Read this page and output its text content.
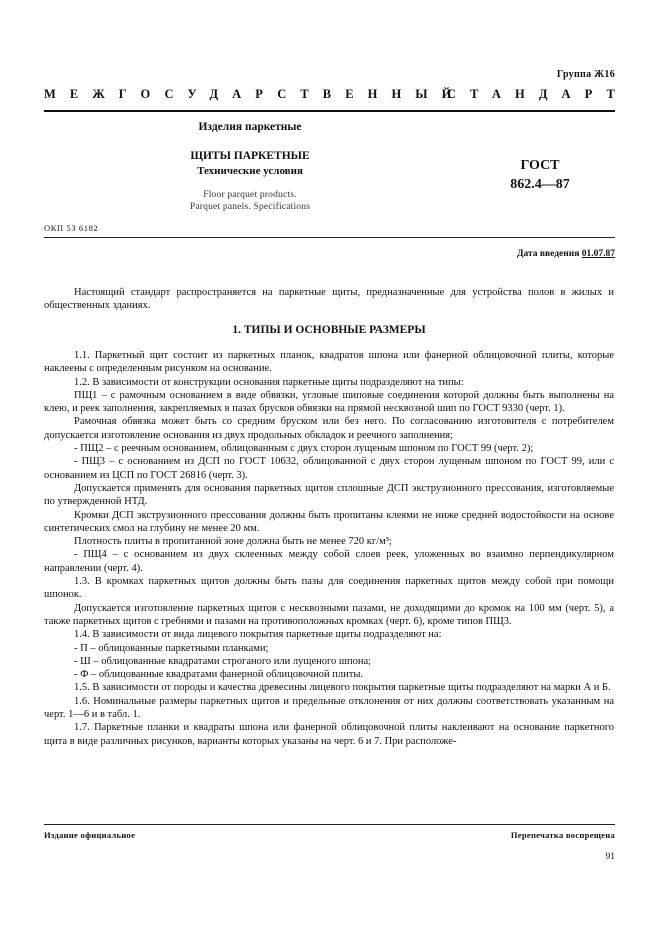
Группа Ж16
МЕЖГОСУДАРСТВЕННЫЙ
СТАНДАРТ
Изделия паркетные
ЩИТЫ ПАРКЕТНЫЕ
Технические условия
Floor parquet products.
Parquet panels. Specifications
ГОСТ
862.4—87
ОКП 53 6182
Дата введения 01.07.87

Настоящий стандарт распространяется на паркетные щиты, предназначенные для устройства полов в жилых и общественных зданиях.

1. ТИПЫ И ОСНОВНЫЕ РАЗМЕРЫ

1.1. Паркетный щит состоит из паркетных планок, квадратов шпона или фанерной облицовочной плиты, которые наклеены с определенным рисунком на основание.

1.2. В зависимости от конструкции основания паркетные щиты подразделяют на типы:

ПЩ1 – с рамочным основанием в виде обвязки, угловые шиповые соединения которой должны быть выполнены на клею, и реек заполнения, закрепляемых в пазах брусков обвязки на прямой несквозной шип по ГОСТ 9330 (черт. 1).

Рамочная обвязка может быть со средним бруском или без него. По согласованию изготовителя с потребителем допускается изготовление основания из двух продольных обкладок и реечного заполнения;

- ПЩ2 – с реечным основанием, облицованным с двух сторон лущеным шпоном по ГОСТ 99 (черт. 2);

- ПЩ3 – с основанием из ДСП по ГОСТ 10632, облицованной с двух сторон лущеным шпоном по ГОСТ 99, или с основанием из ЦСП по ГОСТ 26816 (черт. 3).

Допускается применять для основания паркетных щитов сплошные ДСП экструзионного прессования, изготовляемые по утвержденной НТД.

Кромки ДСП экструзионного прессования должны быть пропитаны клеями не ниже средней водостойкости на основе синтетических смол на глубину не менее 20 мм.

Плотность плиты в пропитанной зоне должна быть не менее 720 кг/м³;

- ПЩ4 – с основанием из двух склеенных между собой слоев реек, уложенных во взаимно перпендикулярном направлении (черт. 4).

1.3. В кромках паркетных щитов должны быть пазы для соединения паркетных щитов между собой при помощи шпонок.

Допускается изготовление паркетных щитов с несквозными пазами, не доходящими до кромок на 100 мм (черт. 5), а также паркетных щитов с гребнями и пазами на противоположных кромках (черт. 6), кроме типов ПЩ3.

1.4. В зависимости от вида лицевого покрытия паркетные щиты подразделяют на:

- П – облицованные паркетными планками;

- Ш – облицованные квадратами строганого или лущеного шпона;

- Ф – облицованные квадратами фанерной облицовочной плиты.

1.5. В зависимости от породы и качества древесины лицевого покрытия паркетные щиты подразделяют на марки А и Б.

1.6. Номинальные размеры паркетных щитов и предельные отклонения от них должны соответствовать указанным на черт. 1—6 и в табл. 1.

1.7. Паркетные планки и квадраты шпона или фанерной облицовочной плиты наклеивают на основание паркетного щита в виде различных рисунков, варианты которых указаны на черт. 6 и 7. При расположе-

Издание официальное	Перепечатка воспрещена
91
